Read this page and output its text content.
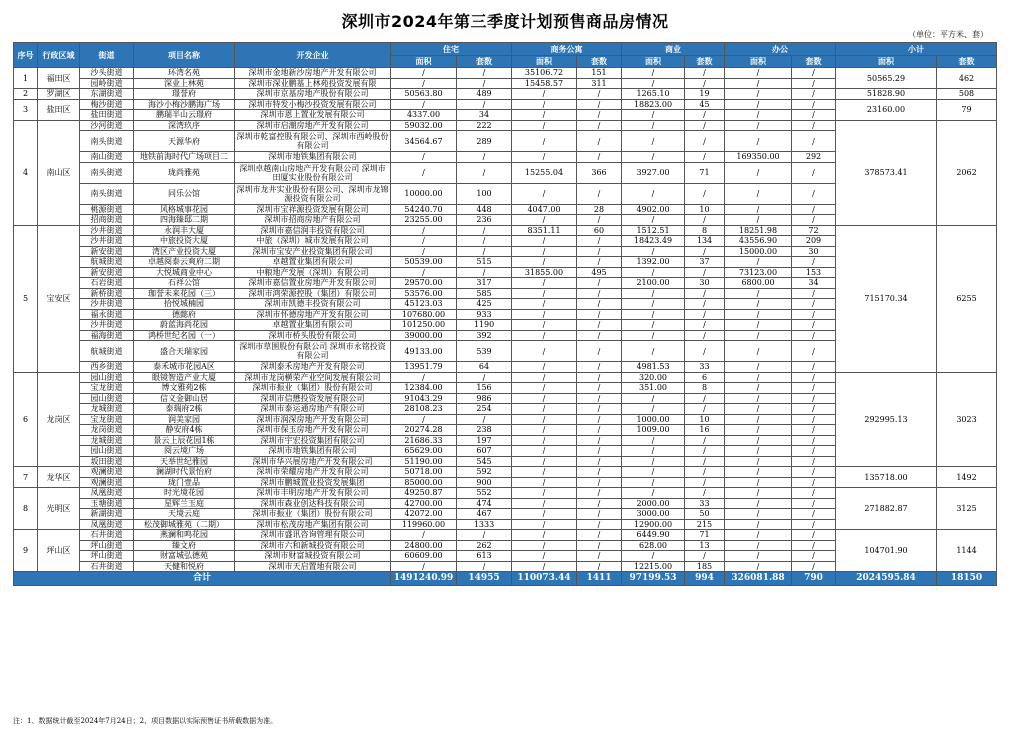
深圳市2024年第三季度计划预售商品房情况
（单位：平方米、套）
序号	行政区域	街道	项目名称	开发企业	住宅		商务公寓		商业		办公		小计	
					面积	套数	面积	套数	面积	套数	面积	套数	面积	套数
1	福田区	沙头街道	环湾名苑	深圳市金地新沙房地产开发有限公司	/	/	35106.72	151	/	/	/	/	50565.29	462
		园岭街道	深业上林苑	深圳市深业鹏基上林苑投资发展有限	/	/	15458.57	311	/	/	/	/		
2	罗湖区	东湖街道	璟誉府	深圳市京基房地产股份有限公司	50563.80	489	/	/	1265.10	19	/	/	51828.90	508
3	盐田区	梅沙街道	海沙小梅沙鹏海广场	深圳市特发小梅沙投资发展有限公司	/	/	/	/	18823.00	45	/	/	23160.00	79
		盐田街道	鹏瑞半山云璟府	深圳市恩上置业发展有限公司	4337.00	34	/	/	/	/	/	/		
4	南山区	沙河街道	深湾玖序	深圳市启潮房地产开发有限公司	59032.00	222	/	/	/	/	/	/	378573.41	2062
		南头街道	天源华府	深圳市乾富控股有限公司、深圳市西岭股份有限公司	34564.67	289	/	/	/	/	/	/		
		南山街道	地铁前海时代广场项目二	深圳市地铁集团有限公司	/	/	/	/	/	/	169350.00	292		
		南头街道	珑尚雅苑	深圳卓越南山房地产开发有限公司 深圳市田厦实业股份有限公司	/	/	15255.04	366	3927.00	71	/	/		
		南头街道	同乐公馆	深圳市龙井实业股份有限公司、深圳市龙锦源投资有限公司	10000.00	100	/	/	/	/	/	/		
		桃源街道	风格城事花园	深圳市宝祥源投资发展有限公司	54240.70	448	4047.00	28	4902.00	10	/	/		
		招商街道	四海臻邸二期	深圳市招商房地产有限公司	23255.00	236	/	/	/	/	/	/		
5	宝安区	沙井街道	永润丰大厦	深圳市嘉信润丰投资有限公司	/	/	8351.11	60	1512.51	8	18251.98	72	715170.34	6255
		沙井街道	中旅投资大厦	中旅（深圳）城市发展有限公司	/	/	/	/	18423.49	134	43556.90	209		
		新安街道	湾区产业投资大厦	深圳市宝安产业投资集团有限公司	/	/	/	/	/	/	15000.00	30		
		航城街道	卓越阅泰云爽府二期	卓越置业集团有限公司	50539.00	515	/	/	1392.00	37	/	/		
		新安街道	大悦城商业中心	中粮地产发展（深圳）有限公司	/	/	31855.00	495	/	/	73123.00	153		
		石岩街道	石祥公馆	深圳市嘉信置业房地产开发有限公司	29570.00	317	/	/	2100.00	30	6800.00	34		
		新桥街道	珈誉未来花园（三）	深圳市鸿荣源控股（集团）有限公司	53576.00	585	/	/	/	/	/	/		
		沙井街道	拾悦城楠园	深圳市凯德丰投资有限公司	45123.03	425	/	/	/	/	/	/		
		福永街道	德懿府	深圳市怀德房地产开发有限公司	107680.00	933	/	/	/	/	/	/		
		沙井街道	蔚蓝海尚花园	卓越置业集团有限公司	101250.00	1190	/	/	/	/	/	/		
		福海街道	鸿桥世纪名园（一）	深圳市桥头股份有限公司	39000.00	392	/	/	/	/	/	/		
		航城街道	盛合天瑞家园	深圳市草围股份有限公司 深圳市永铭投资有限公司	49133.00	539	/	/	/	/	/	/		
		西乡街道	泰禾城市花园A区	深圳泰禾房地产开发有限公司	13951.79	64	/	/	4981.53	33	/	/		
6	龙岗区	园山街道	眼镜智造产业大厦	深圳市龙岗横荣产业空间发展有限公司	/	/	/	/	320.00	6	/	/	292995.13	3023
		宝龙街道	博文雅苑2栋	深圳市振业（集团）股份有限公司	12384.00	156	/	/	351.00	8	/	/		
		园山街道	信义金御山居	深圳市信懋投资发展有限公司	91043.29	986	/	/	/	/	/	/		
		龙城街道	泰瑞府2栋	深圳市泰运通房地产有限公司	28108.23	254	/	/	/	/	/	/		
		宝龙街道	润美家园	深圳市润深房地产开发有限公司	/	/	/	/	1000.00	10	/	/		
		龙岗街道	静安府4栋	深圳市保玉房地产开发有限公司	20274.28	238	/	/	1009.00	16	/	/		
		龙城街道	景云上辰花园1栋	深圳市宇宏投资集团有限公司	21686.33	197	/	/	/	/	/	/		
		园山街道	阅云境广场	深圳市地铁集团有限公司	65629.00	607	/	/	/	/	/	/		
		坂田街道	天举世纪雅园	深圳市华兴展房地产开发有限公司	51190.00	545	/	/	/	/	/	/		
7	龙华区	观澜街道	澜湖时代景怡府	深圳市荣耀房地产开发有限公司	50718.00	592	/	/	/	/	/	/	135718.00	1492
		观澜街道	珑门壹品	深圳市鹏城置业投资发展集团	85000.00	900	/	/	/	/	/	/		
8	光明区	凤凰街道	时光境花园	深圳市丰明房地产开发有限公司	49250.87	552	/	/	/	/	/	/	271882.87	3125
		玉塘街道	星辉兰玉庭	深圳市森业创达科技有限公司	42700.00	474	/	/	2000.00	33	/	/		
		新湖街道	天境云庭	深圳市振业（集团）股份有限公司	42072.00	467	/	/	3000.00	50	/	/		
		凤凰街道	松茂御城雅苑（二期）	深圳市松茂房地产集团有限公司	119960.00	1333	/	/	12900.00	215	/	/		
9	坪山区	石井街道	燕澜和鸣花园	深圳市盛讯咨询管理有限公司	/	/	/	/	6449.90	71	/	/	104701.90	1144
		坪山街道	臻文府	深圳市六和新城投资有限公司	24800.00	262	/	/	628.00	13	/	/		
		坪山街道	财富城弘德苑	深圳市财富城投资有限公司	60609.00	613	/	/	/	/	/	/		
		石井街道	天健和悦府	深圳市天启置地有限公司	/	/	/	/	12215.00	185	/	/		
合计					1491240.99	14955	110073.44	1411	97199.53	994	326081.88	790	2024595.84	18150
注：1、数据统计截至2024年7月24日；2、项目数据以实际预售证书所载数据为准。
